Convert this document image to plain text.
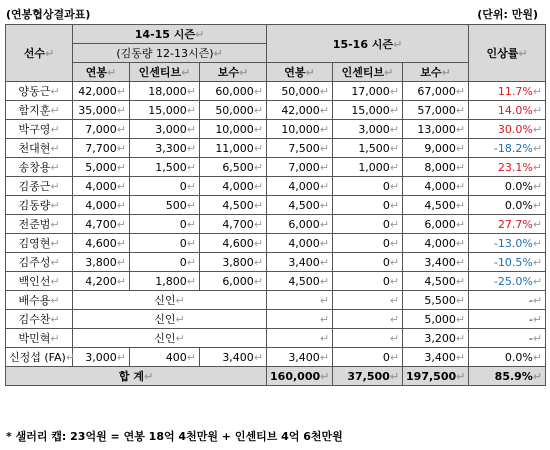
(연봉협상결과표)	(단위: 만원)
선수↵	14-15 시즌↵			15-16 시즌↵			인상률↵
	(김동량 12-13시즌)↵						
	연봉↵	인센티브↵	보수↵	연봉↵	인센티브↵	보수↵	
양동근↵	42,000↵	18,000↵	60,000↵	50,000↵	17,000↵	67,000↵	11.7%↵
함지훈↵	35,000↵	15,000↵	50,000↵	42,000↵	15,000↵	57,000↵	14.0%↵
박구영↵	7,000↵	3,000↵	10,000↵	10,000↵	3,000↵	13,000↵	30.0%↵
천대현↵	7,700↵	3,300↵	11,000↵	7,500↵	1,500↵	9,000↵	-18.2%↵
송창용↵	5,000↵	1,500↵	6,500↵	7,000↵	1,000↵	8,000↵	23.1%↵
김종근↵	4,000↵	0↵	4,000↵	4,000↵	0↵	4,000↵	0.0%↵
김동량↵	4,000↵	500↵	4,500↵	4,500↵	0↵	4,500↵	0.0%↵
전준범↵	4,700↵	0↵	4,700↵	6,000↵	0↵	6,000↵	27.7%↵
김영현↵	4,600↵	0↵	4,600↵	4,000↵	0↵	4,000↵	-13.0%↵
김주성↵	3,800↵	0↵	3,800↵	3,400↵	0↵	3,400↵	-10.5%↵
백인선↵	4,200↵	1,800↵	6,000↵	4,500↵	0↵	4,500↵	-25.0%↵
배수용↵	신인↵			↵	↵	5,500↵	-↵
김수찬↵	신인↵			↵	↵	5,000↵	-↵
박민혁↵	신인↵			↵	↵	3,200↵	-↵
신정섭 (FA)↵	3,000↵	400↵	3,400↵	3,400↵	0↵	3,400↵	0.0%↵
합 계↵				160,000↵	37,500↵	197,500↵	85.9%↵
* 샐러리 캡: 23억원 = 연봉 18억 4천만원 + 인센티브 4억 6천만원
